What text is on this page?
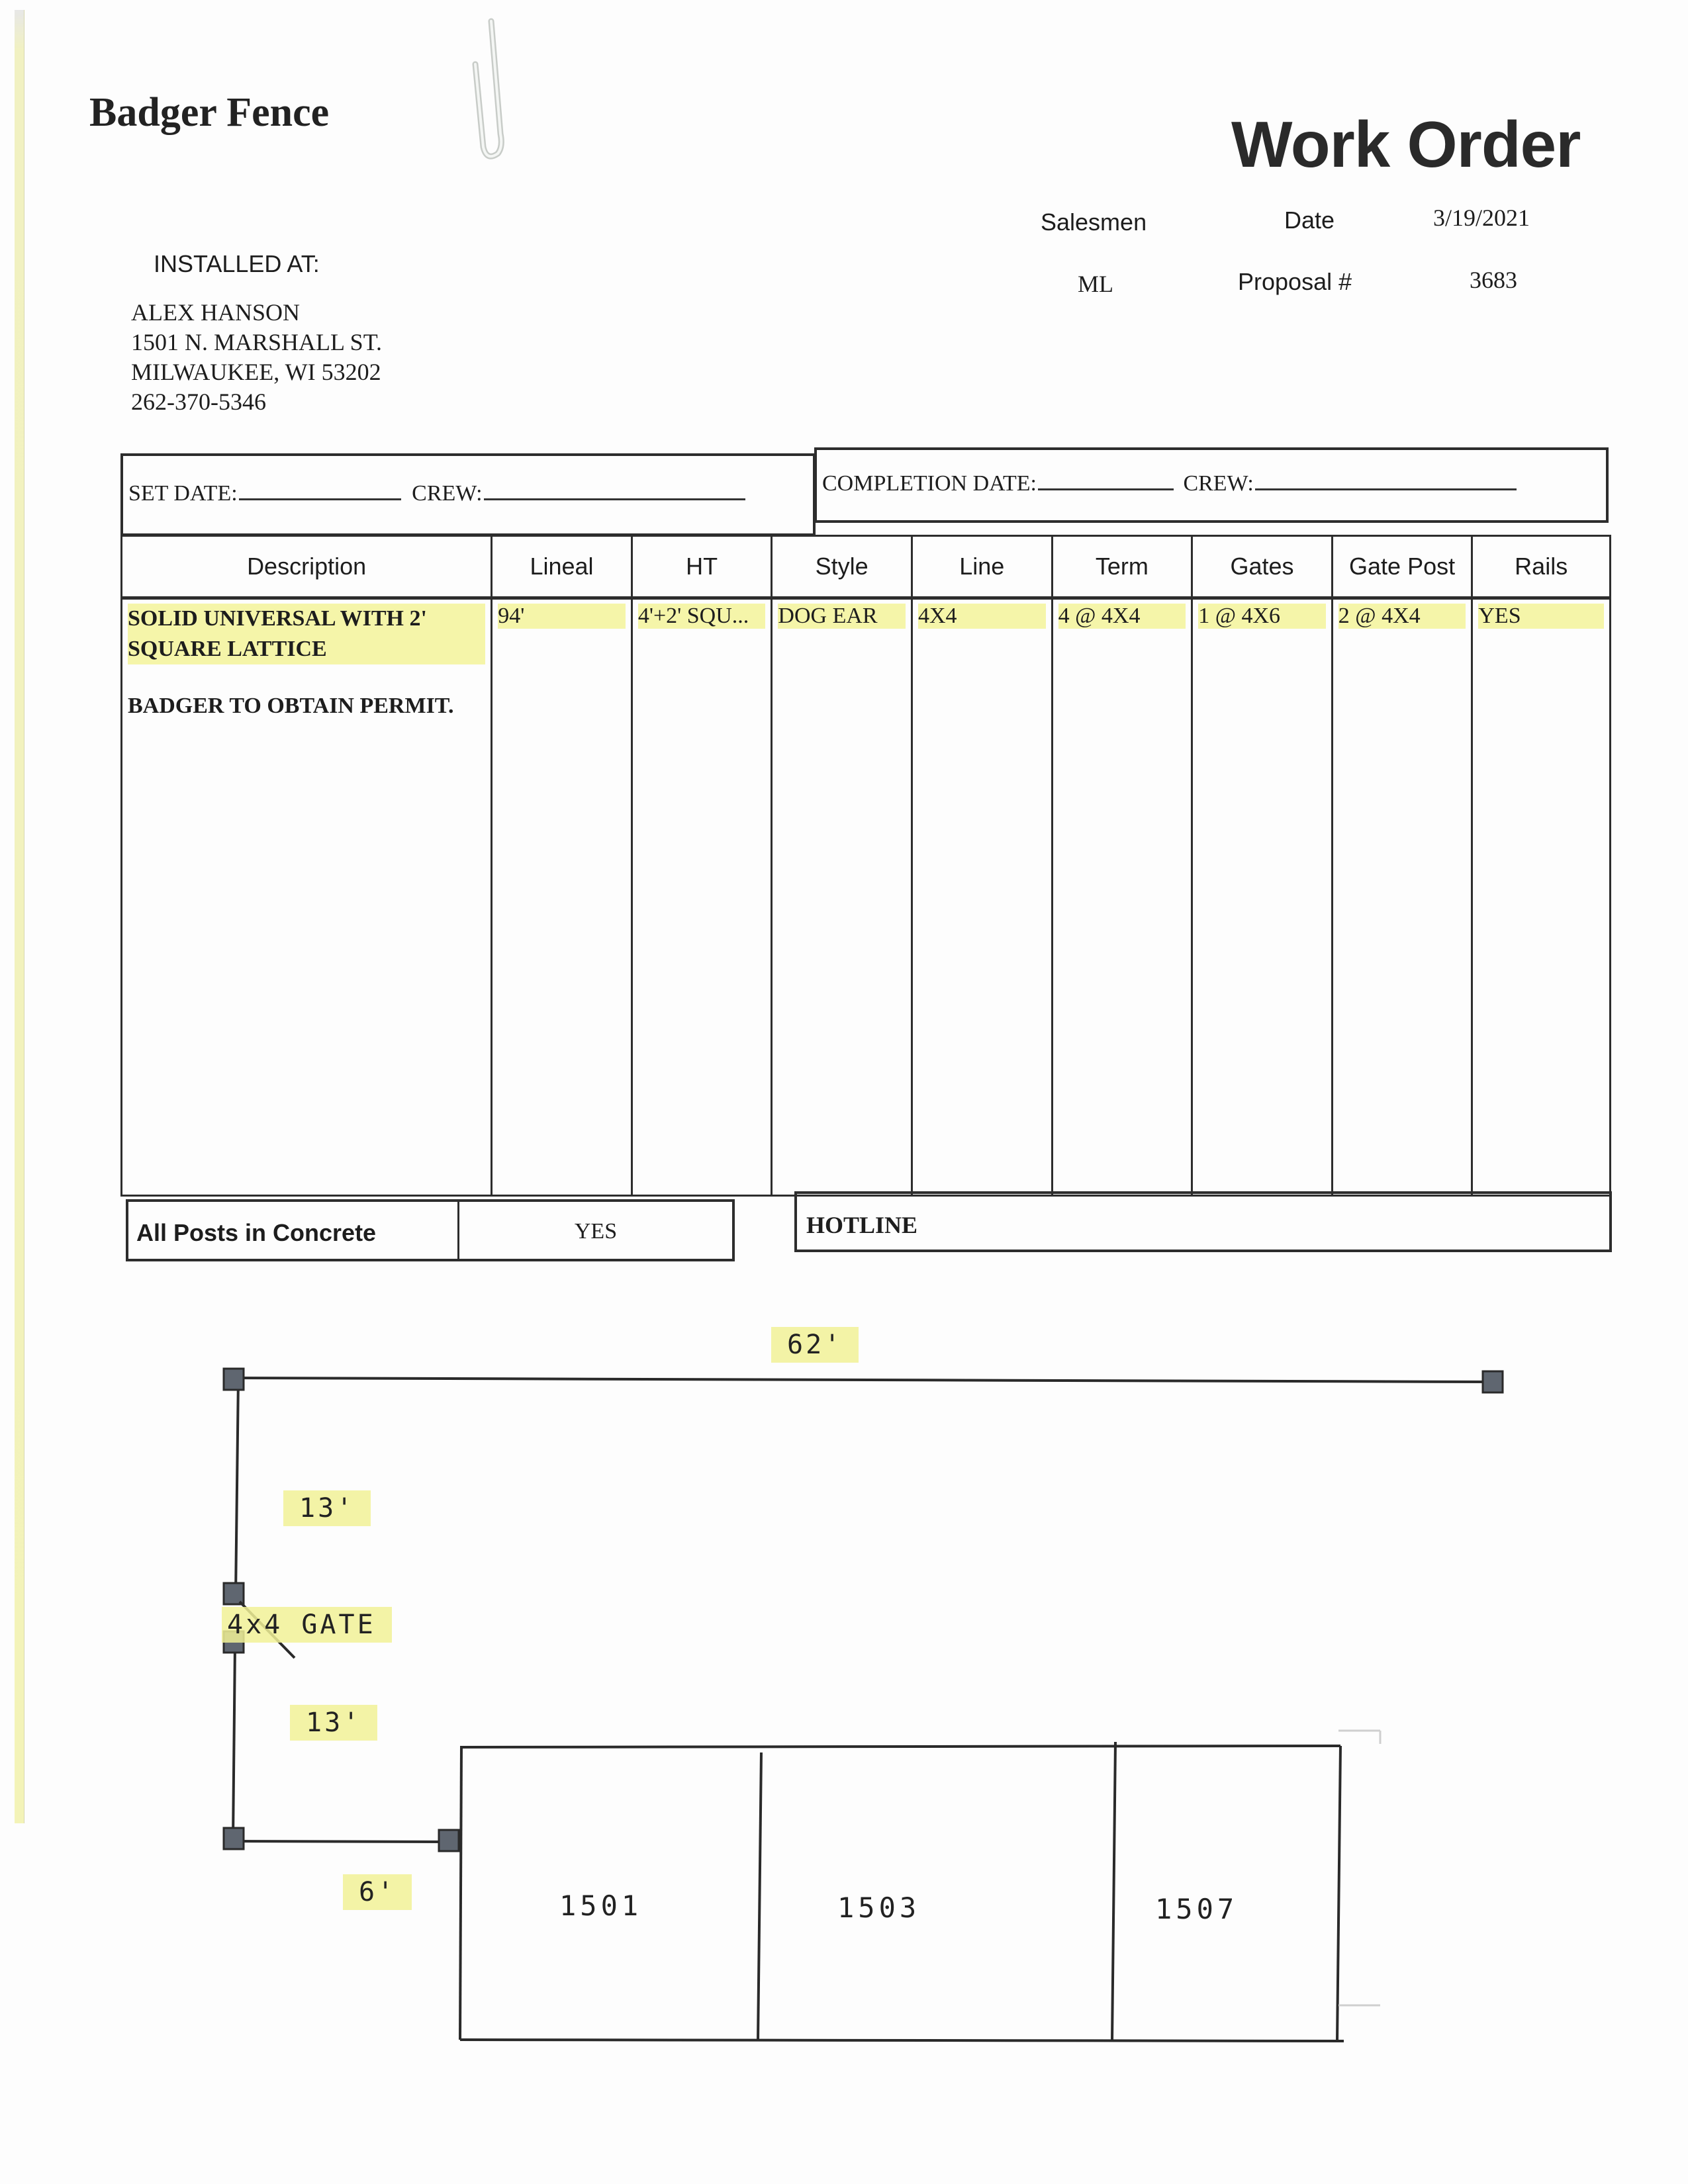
Badger Fence	Work Order
Salesmen
ML
Date	3/19/2021
Proposal #	3683
INSTALLED AT:
ALEX HANSON
1501 N. MARSHALL ST.
MILWAUKEE, WI 53202
262-370-5346
SET DATE:	CREW:	COMPLETION DATE:	CREW:
Description	Lineal	HT	Style	Line	Term	Gates	Gate Post	Rails

SOLID UNIVERSAL WITH 2' SQUARE LATTICE
BADGER TO OBTAIN PERMIT.	94'	4'+2' SQU...	DOG EAR	4X4	4 @ 4X4	1 @ 4X6	2 @ 4X4	YES
All Posts in Concrete	YES	HOTLINE
62'
13'
4x4 GATE
13'
6'	1501	1503	1507
